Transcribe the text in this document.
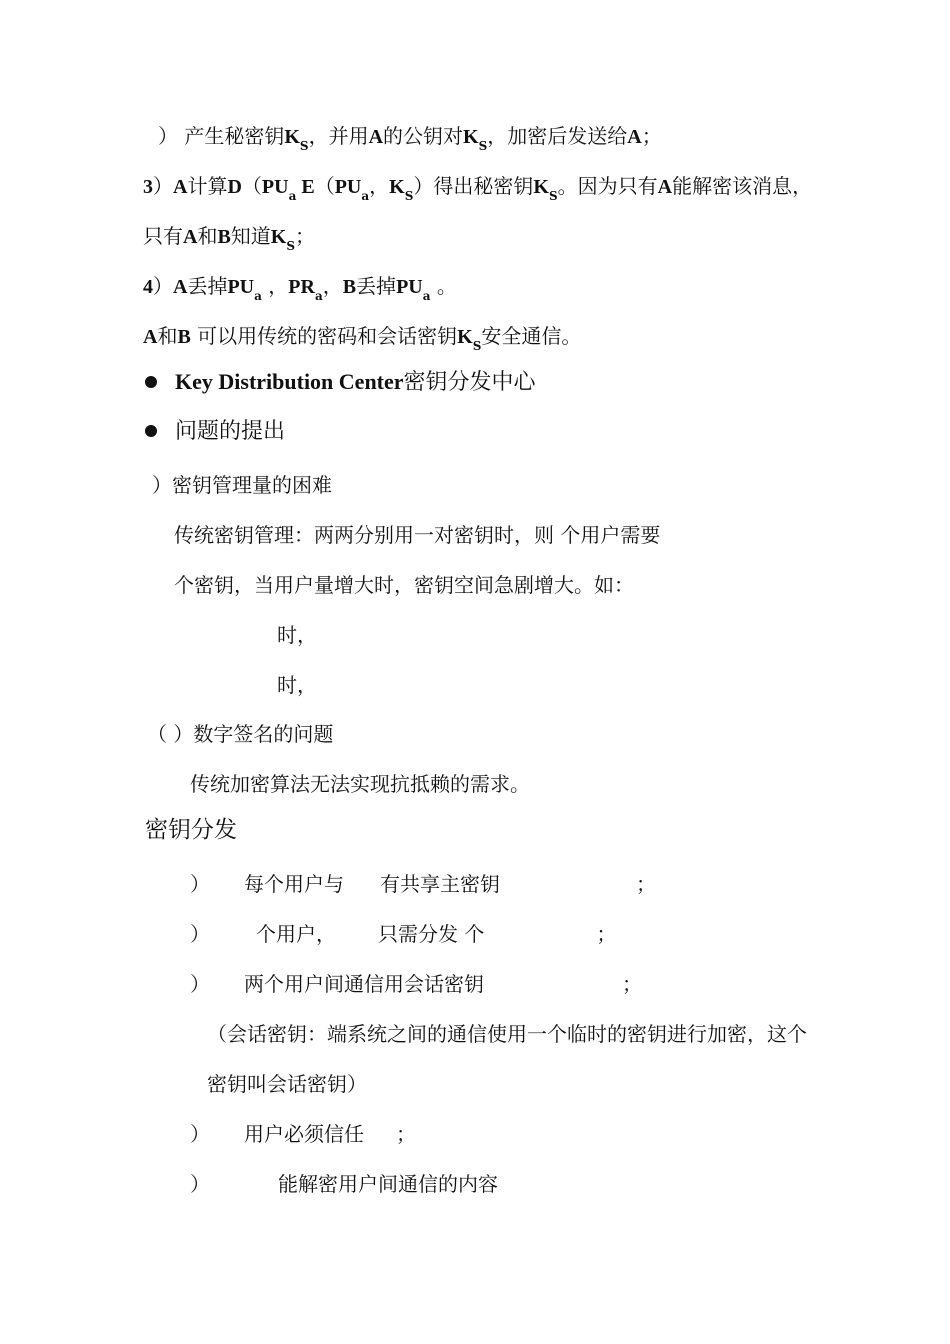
） 产生秘密钥$K_S$，并用A的公钥对$K_S$，加密后发送给A；
3）A计算$D(PU_a$ $E(PU_a$，$K_S$）得出秘密钥$K_S$。因为只有A能解密该消息，
只有A和B知道$K_S$；
4）A丢掉$PU_a$ ，$PR_a$，B丢掉$PU_a$ 。
A和B 可以用传统的密码和会话密钥$K_S$安全通信。
Key Distribution Center密钥分发中心
问题的提出
）密钥管理量的困难
传统密钥管理：两两分别用一对密钥时，则 个用户需要
个密钥，当用户量增大时，密钥空间急剧增大。如：
时，
时，
（ ）数字签名的问题
传统加密算法无法实现抗抵赖的需求。
密钥分发
） 每个用户与 有共享主密钥	；
） 个用户， 只需分发 个	；
） 两个用户间通信用会话密钥	；
（会话密钥：端系统之间的通信使用一个临时的密钥进行加密，这个
密钥叫会话密钥）
） 用户必须信任 ；
）	能解密用户间通信的内容
